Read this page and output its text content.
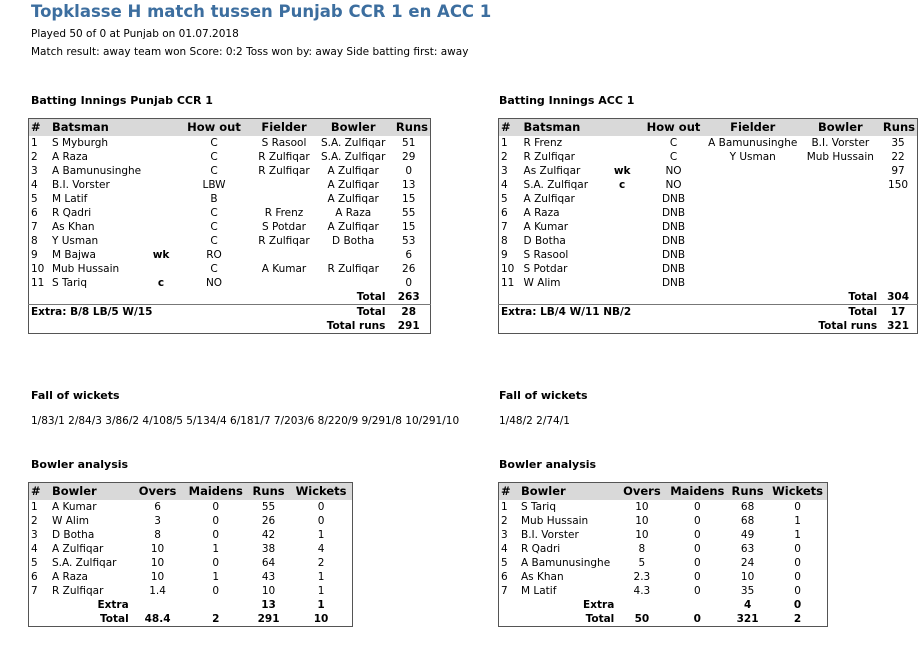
Topklasse H match tussen Punjab CCR 1 en ACC 1
Played 50 of 0 at Punjab on 01.07.2018
Match result: away team won Score: 0:2 Toss won by: away Side batting first: away
Batting Innings Punjab CCR 1	Batting Innings ACC 1
#	Batsman		How out	Fielder	Bowler	Runs
1	S Myburgh		C	S Rasool	S.A. Zulfiqar	51
2	A Raza		C	R Zulfiqar	S.A. Zulfiqar	29
3	A Bamunusinghe		C	R Zulfiqar	A Zulfiqar	0
4	B.I. Vorster		LBW		A Zulfiqar	13
5	M Latif		B		A Zulfiqar	15
6	R Qadri		C	R Frenz	A Raza	55
7	As Khan		C	S Potdar	A Zulfiqar	15
8	Y Usman		C	R Zulfiqar	D Botha	53
9	M Bajwa	wk	RO			6
10	Mub Hussain		C	A Kumar	R Zulfiqar	26
11	S Tariq	c	NO			0
					Total	263
Extra: B/8 LB/5 W/15					Total	28
					Total runs	291
#	Batsman		How out	Fielder	Bowler	Runs
1	R Frenz		C	A Bamunusinghe	B.I. Vorster	35
2	R Zulfiqar		C	Y Usman	Mub Hussain	22
3	As Zulfiqar	wk	NO			97
4	S.A. Zulfiqar	c	NO			150
5	A Zulfiqar		DNB			
6	A Raza		DNB			
7	A Kumar		DNB			
8	D Botha		DNB			
9	S Rasool		DNB			
10	S Potdar		DNB			
11	W Alim		DNB			
					Total	304
Extra: LB/4 W/11 NB/2					Total	17
					Total runs	321
Fall of wickets
1/83/1 2/84/3 3/86/2 4/108/5 5/134/4 6/181/7 7/203/6 8/220/9 9/291/8 10/291/10
Fall of wickets
1/48/2 2/74/1
Bowler analysis	Bowler analysis
#	Bowler	Overs	Maidens	Runs	Wickets
1	A Kumar	6	0	55	0
2	W Alim	3	0	26	0
3	D Botha	8	0	42	1
4	A Zulfiqar	10	1	38	4
5	S.A. Zulfiqar	10	0	64	2
6	A Raza	10	1	43	1
7	R Zulfiqar	1.4	0	10	1
	Extra			13	1
	Total	48.4	2	291	10
#	Bowler	Overs	Maidens	Runs	Wickets
1	S Tariq	10	0	68	0
2	Mub Hussain	10	0	68	1
3	B.I. Vorster	10	0	49	1
4	R Qadri	8	0	63	0
5	A Bamunusinghe	5	0	24	0
6	As Khan	2.3	0	10	0
7	M Latif	4.3	0	35	0
	Extra			4	0
	Total	50	0	321	2
